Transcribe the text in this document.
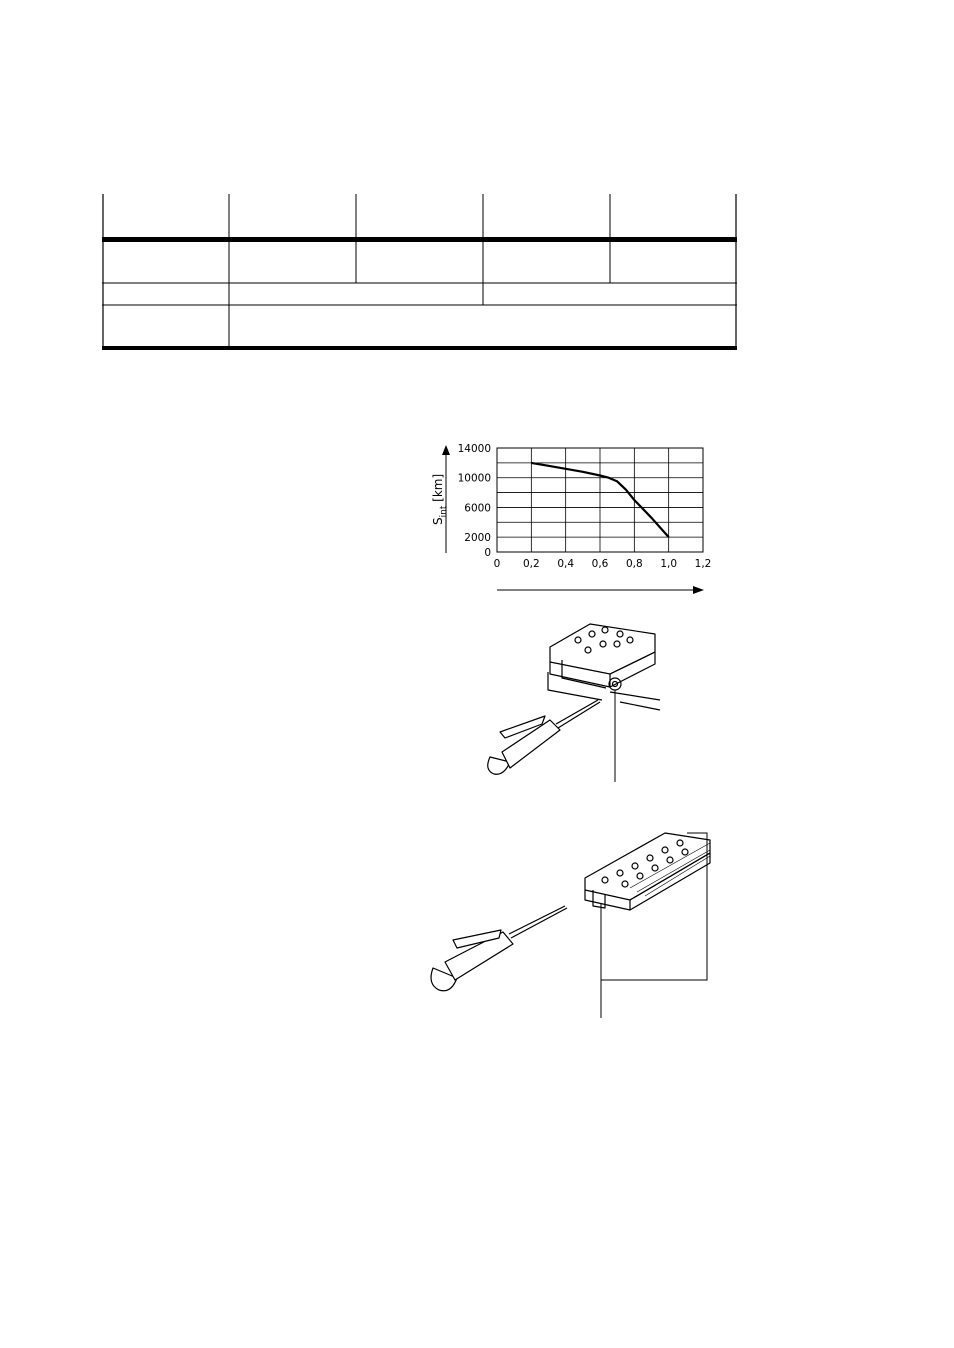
0 0,2 0,4 0,6 0,8 1,0 1,2
0
2000
6000
10000
14000
$S_{int}$ [km]
